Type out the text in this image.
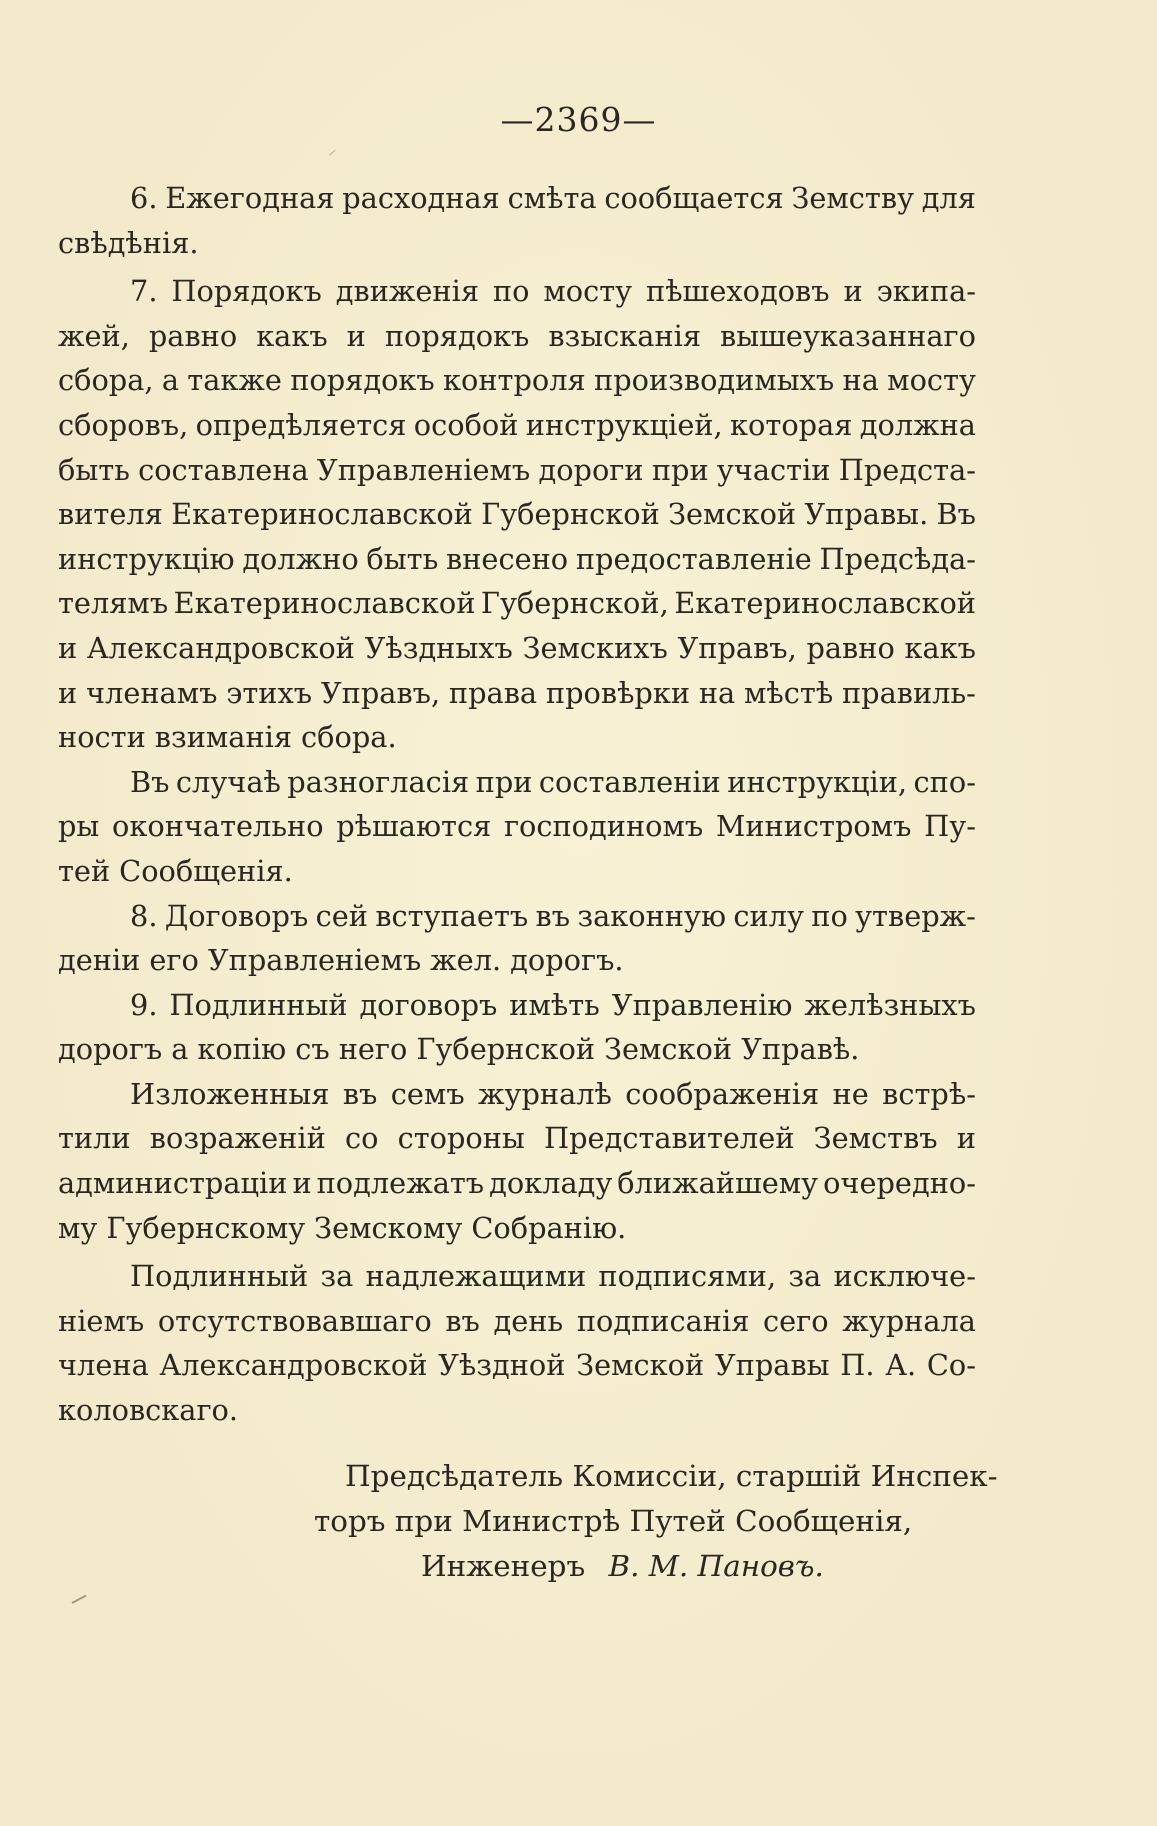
—2369—
6. Ежегодная расходная смѣта сообщается Земству для
свѣдѣнія.
7. Порядокъ движенія по мосту пѣшеходовъ и экипа-
жей, равно какъ и порядокъ взысканія вышеуказаннаго
сбора, а также порядокъ контроля производимыхъ на мосту
сборовъ, опредѣляется особой инструкціей, которая должна
быть составлена Управленіемъ дороги при участіи Предста-
вителя Екатеринославской Губернской Земской Управы. Въ
инструкцію должно быть внесено предоставленіе Предсѣда-
телямъ Екатеринославской Губернской, Екатеринославской
и Александровской Уѣздныхъ Земскихъ Управъ, равно какъ
и членамъ этихъ Управъ, права провѣрки на мѣстѣ правиль-
ности взиманія сбора.
Въ случаѣ разногласія при составленіи инструкціи, спо-
ры окончательно рѣшаются господиномъ Министромъ Пу-
тей Сообщенія.
8. Договоръ сей вступаетъ въ законную силу по утверж-
деніи его Управленіемъ жел. дорогъ.
9. Подлинный договоръ имѣть Управленію желѣзныхъ
дорогъ а копію съ него Губернской Земской Управѣ.
Изложенныя въ семъ журналѣ соображенія не встрѣ-
тили возраженій со стороны Представителей Земствъ и
администраціи и подлежатъ докладу ближайшему очередно-
му Губернскому Земскому Собранію.
Подлинный за надлежащими подписями, за исключе-
ніемъ отсутствовавшаго въ день подписанія сего журнала
члена Александровской Уѣздной Земской Управы П. А. Со-
коловскаго.
Предсѣдатель Комиссіи, старшій Инспек-
торъ при Министрѣ Путей Сообщенія,
Инженеръ В. М. Пановъ.
